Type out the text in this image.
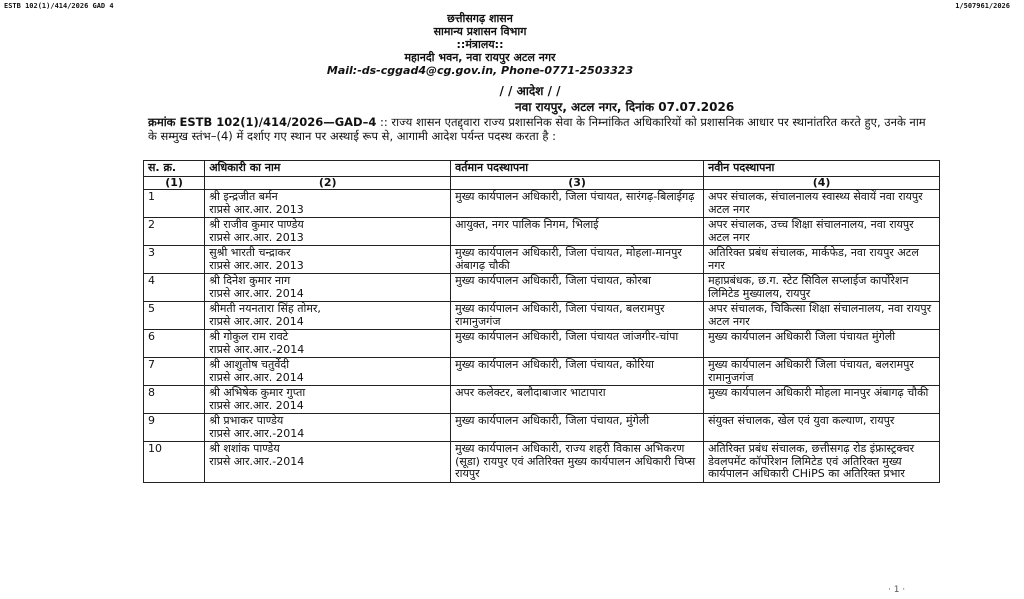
ESTB 102(1)/414/2026 GAD 4	1/507961/2026
छत्तीसगढ़ शासन
सामान्य प्रशासन विभाग
::मंत्रालय::
महानदी भवन, नवा रायपुर अटल नगर
Mail:-ds-cggad4@cg.gov.in, Phone-0771-2503323
/ / आदेश / /
नवा रायपुर, अटल नगर, दिनांक 07.07.2026
क्रमांक ESTB 102(1)/414/2026—GAD–4 :: राज्य शासन एतद्द्वारा राज्य प्रशासनिक सेवा के निम्नांकित अधिकारियों को प्रशासनिक आधार पर स्थानांतरित करते हुए, उनके नाम के सम्मुख स्तंभ–(4) में दर्शाए गए स्थान पर अस्थाई रूप से, आगामी आदेश पर्यन्त पदस्थ करता है :
स. क्र.	अधिकारी का नाम	वर्तमान पदस्थापना	नवीन पदस्थापना
(1)	(2)	(3)	(4)
1	श्री इन्द्रजीत बर्मन
राप्रसे आर.आर. 2013	मुख्य कार्यपालन अधिकारी, जिला पंचायत, सारंगढ़-बिलाईगढ़	अपर संचालक, संचालनालय स्वास्थ्य सेवायें नवा रायपुर अटल नगर
2	श्री राजीव कुमार पाण्डेय
राप्रसे आर.आर. 2013	आयुक्त, नगर पालिक निगम, भिलाई	अपर संचालक, उच्च शिक्षा संचालनालय, नवा रायपुर अटल नगर
3	सुश्री भारती चन्द्राकर
राप्रसे आर.आर. 2013	मुख्य कार्यपालन अधिकारी, जिला पंचायत, मोहला-मानपुर अंबागढ़ चौकी	अतिरिक्त प्रबंध संचालक, मार्कफेड, नवा रायपुर अटल नगर
4	श्री दिनेश कुमार नाग
राप्रसे आर.आर. 2014	मुख्य कार्यपालन अधिकारी, जिला पंचायत, कोरबा	महाप्रबंधक, छ.ग. स्टेट सिविल सप्लाईज कार्पोरेशन लिमिटेड मुख्यालय, रायपुर
5	श्रीमती नयनतारा सिंह तोमर,
राप्रसे आर.आर. 2014	मुख्य कार्यपालन अधिकारी, जिला पंचायत, बलरामपुर रामानुजगंज	अपर संचालक, चिकित्सा शिक्षा संचालनालय, नवा रायपुर अटल नगर
6	श्री गोकुल राम रावटे
राप्रसे आर.आर.-2014	मुख्य कार्यपालन अधिकारी, जिला पंचायत जांजगीर-चांपा	मुख्य कार्यपालन अधिकारी जिला पंचायत मुंगेली
7	श्री आशुतोष चतुर्वेदी
राप्रसे आर.आर. 2014	मुख्य कार्यपालन अधिकारी, जिला पंचायत, कोरिया	मुख्य कार्यपालन अधिकारी जिला पंचायत, बलरामपुर रामानुजगंज
8	श्री अभिषेक कुमार गुप्ता
राप्रसे आर.आर. 2014	अपर कलेक्टर, बलौदाबाजार भाटापारा	मुख्य कार्यपालन अधिकारी मोहला मानपुर अंबागढ़ चौकी
9	श्री प्रभाकर पाण्डेय
राप्रसे आर.आर.-2014	मुख्य कार्यपालन अधिकारी, जिला पंचायत, मुंगेली	संयुक्त संचालक, खेल एवं युवा कल्याण, रायपुर
10	श्री शशांक पाण्डेय
राप्रसे आर.आर.-2014	मुख्य कार्यपालन अधिकारी, राज्य शहरी विकास अभिकरण (सूडा) रायपुर एवं अतिरिक्त मुख्य कार्यपालन अधिकारी चिप्स रायपुर	अतिरिक्त प्रबंध संचालक, छत्तीसगढ़ रोड इंफ्रास्ट्रक्चर डेवलपमेंट कॉर्पोरेशन लिमिटेड एवं अतिरिक्त मुख्य कार्यपालन अधिकारी CHiPS का अतिरिक्त प्रभार
· 1 ·
